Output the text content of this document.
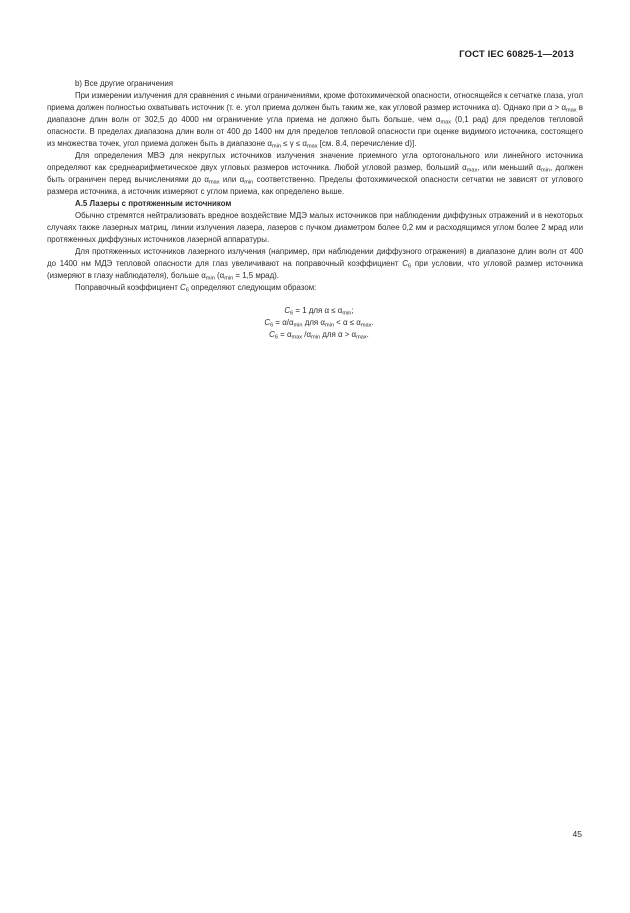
ГОСТ IEC 60825-1—2013

b) Все другие ограничения

При измерении излучения для сравнения с иными ограничениями, кроме фотохимической опасности, относящейся к сетчатке глаза, угол приема должен полностью охватывать источник (т. е. угол приема должен быть таким же, как угловой размер источника α). Однако при $\alpha > \alpha_{max}$ в диапазоне длин волн от 302,5 до 4000 нм ограничение угла приема не должно быть больше, чем $\alpha_{max}$ (0,1 рад) для пределов тепловой опасности. В пределах диапазона длин волн от 400 до 1400 нм для пределов тепловой опасности при оценке видимого источника, состоящего из множества точек, угол приема должен быть в диапазоне $\alpha_{min} \le \gamma \le \alpha_{max}$ [см. 8.4, перечисление d)].

Для определения МВЭ для некруглых источников излучения значение приемного угла ортогонального или линейного источника определяют как среднеарифметическое двух угловых размеров источника. Любой угловой размер, больший $\alpha_{max}$, или меньший $\alpha_{min}$, должен быть ограничен перед вычислениями до $\alpha_{max}$ или $\alpha_{min}$ соответственно. Пределы фотохимической опасности сетчатки не зависят от углового размера источника, а источник измеряют с углом приема, как определено выше.

А.5 Лазеры с протяженным источником

Обычно стремятся нейтрализовать вредное воздействие МДЭ малых источников при наблюдении диффузных отражений и в некоторых случаях также лазерных матриц, линии излучения лазера, лазеров с пучком диаметром более 0,2 мм и расходящимся углом более 2 мрад или протяженных диффузных источников лазерной аппаратуры.

Для протяженных источников лазерного излучения (например, при наблюдении диффузного отражения) в диапазоне длин волн от 400 до 1400 нм МДЭ тепловой опасности для глаз увеличивают на поправочный коэффициент $C_6$ при условии, что угловой размер источника (измеряют в глазу наблюдателя), больше $\alpha_{min}$ ($\alpha_{min} = 1,5$ мрад).

Поправочный коэффициент $C_6$ определяют следующим образом:

$C_6 = 1$ для $\alpha \le \alpha_{min}$;

$C_6 = \alpha/\alpha_{min}$ для $\alpha_{min} < \alpha \le \alpha_{max}$.

$C_6 = \alpha_{max}$ $/\alpha_{min}$ для $\alpha > \alpha_{max}$.

45
